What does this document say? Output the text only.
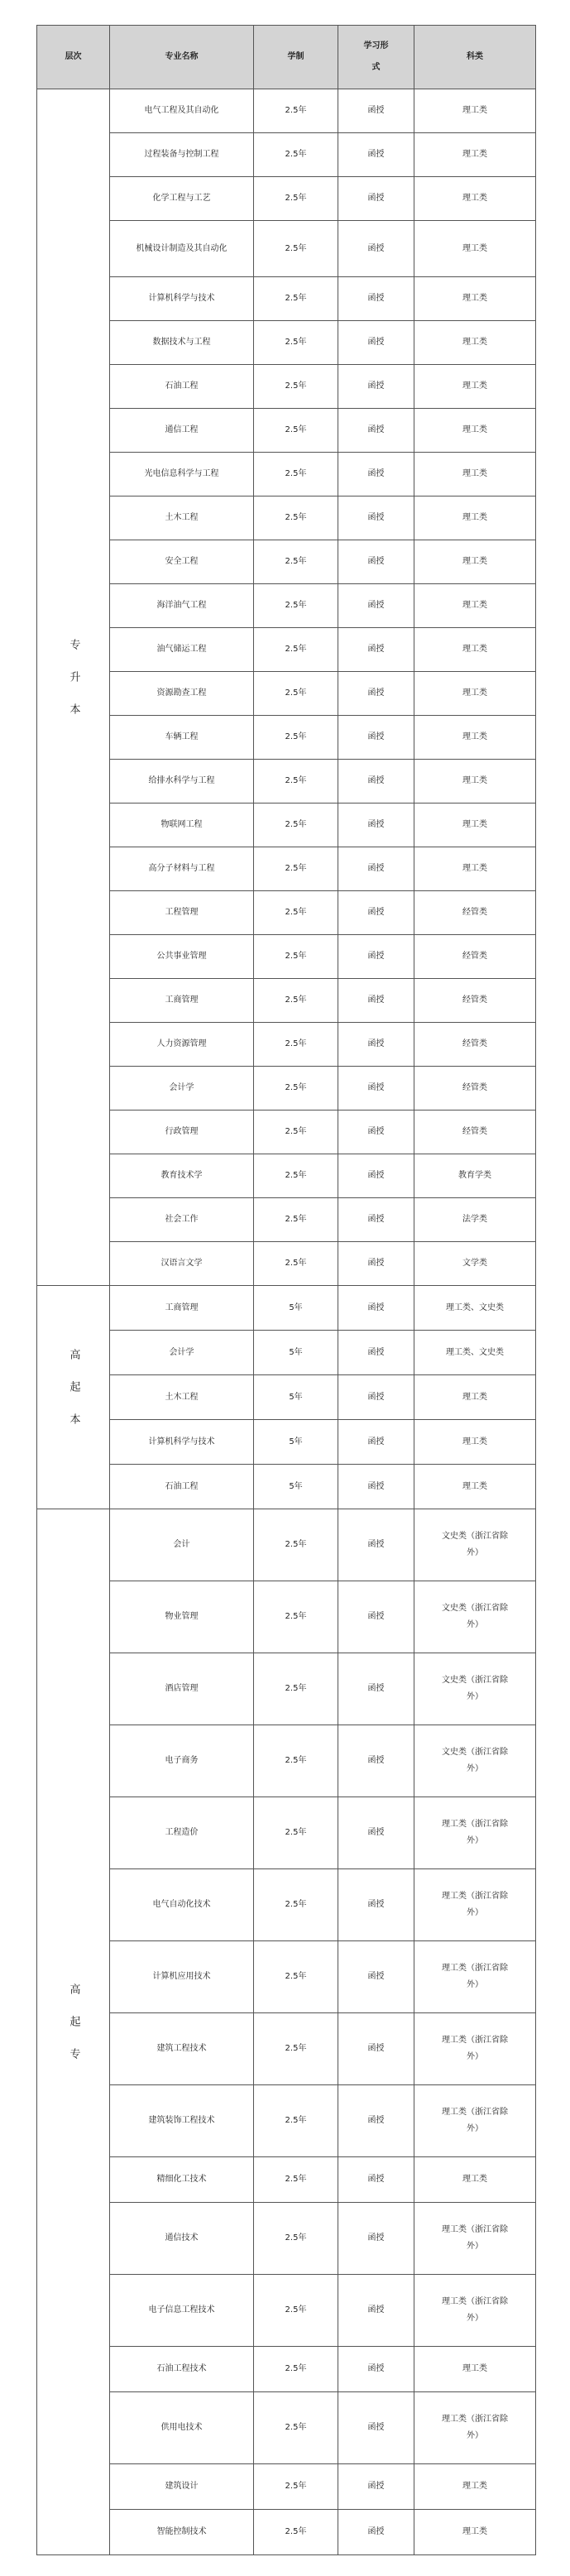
层次	专业名称	学制	学习形式	科类
专升本	电气工程及其自动化	2.5年	函授	理工类
	过程装备与控制工程	2.5年	函授	理工类
	化学工程与工艺	2.5年	函授	理工类
	机械设计制造及其自动化	2.5年	函授	理工类
	计算机科学与技术	2.5年	函授	理工类
	数据技术与工程	2.5年	函授	理工类
	石油工程	2.5年	函授	理工类
	通信工程	2.5年	函授	理工类
	光电信息科学与工程	2.5年	函授	理工类
	土木工程	2.5年	函授	理工类
	安全工程	2.5年	函授	理工类
	海洋油气工程	2.5年	函授	理工类
	油气储运工程	2.5年	函授	理工类
	资源勘查工程	2.5年	函授	理工类
	车辆工程	2.5年	函授	理工类
	给排水科学与工程	2.5年	函授	理工类
	物联网工程	2.5年	函授	理工类
	高分子材料与工程	2.5年	函授	理工类
	工程管理	2.5年	函授	经管类
	公共事业管理	2.5年	函授	经管类
	工商管理	2.5年	函授	经管类
	人力资源管理	2.5年	函授	经管类
	会计学	2.5年	函授	经管类
	行政管理	2.5年	函授	经管类
	教育技术学	2.5年	函授	教育学类
	社会工作	2.5年	函授	法学类
	汉语言文学	2.5年	函授	文学类
高起本	工商管理	5年	函授	理工类、文史类
	会计学	5年	函授	理工类、文史类
	土木工程	5年	函授	理工类
	计算机科学与技术	5年	函授	理工类
	石油工程	5年	函授	理工类
高起专	会计	2.5年	函授	文史类（浙江省除外）
	物业管理	2.5年	函授	文史类（浙江省除外）
	酒店管理	2.5年	函授	文史类（浙江省除外）
	电子商务	2.5年	函授	文史类（浙江省除外）
	工程造价	2.5年	函授	理工类（浙江省除外）
	电气自动化技术	2.5年	函授	理工类（浙江省除外）
	计算机应用技术	2.5年	函授	理工类（浙江省除外）
	建筑工程技术	2.5年	函授	理工类（浙江省除外）
	建筑装饰工程技术	2.5年	函授	理工类（浙江省除外）
	精细化工技术	2.5年	函授	理工类
	通信技术	2.5年	函授	理工类（浙江省除外）
	电子信息工程技术	2.5年	函授	理工类（浙江省除外）
	石油工程技术	2.5年	函授	理工类
	供用电技术	2.5年	函授	理工类（浙江省除外）
	建筑设计	2.5年	函授	理工类
	智能控制技术	2.5年	函授	理工类
